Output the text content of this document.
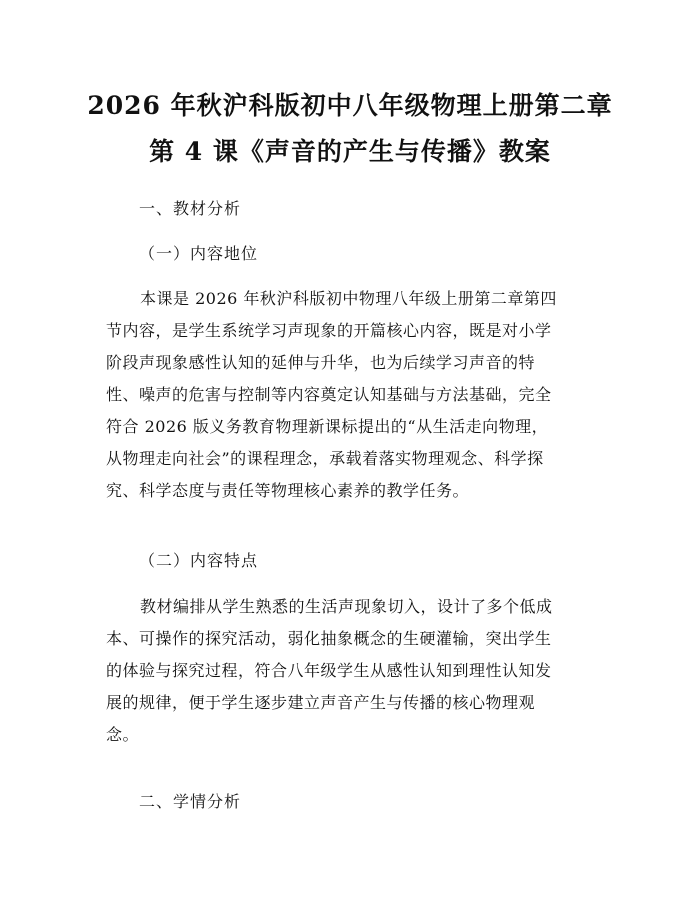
2026 年秋沪科版初中八年级物理上册第二章
第 4 课《声音的产生与传播》教案
一、教材分析
（一）内容地位
本课是 2026 年秋沪科版初中物理八年级上册第二章第四
节内容，是学生系统学习声现象的开篇核心内容，既是对小学
阶段声现象感性认知的延伸与升华，也为后续学习声音的特
性、噪声的危害与控制等内容奠定认知基础与方法基础，完全
符合 2026 版义务教育物理新课标提出的“从生活走向物理，
从物理走向社会”的课程理念，承载着落实物理观念、科学探
究、科学态度与责任等物理核心素养的教学任务。
（二）内容特点
教材编排从学生熟悉的生活声现象切入，设计了多个低成
本、可操作的探究活动，弱化抽象概念的生硬灌输，突出学生
的体验与探究过程，符合八年级学生从感性认知到理性认知发
展的规律，便于学生逐步建立声音产生与传播的核心物理观
念。
二、学情分析
